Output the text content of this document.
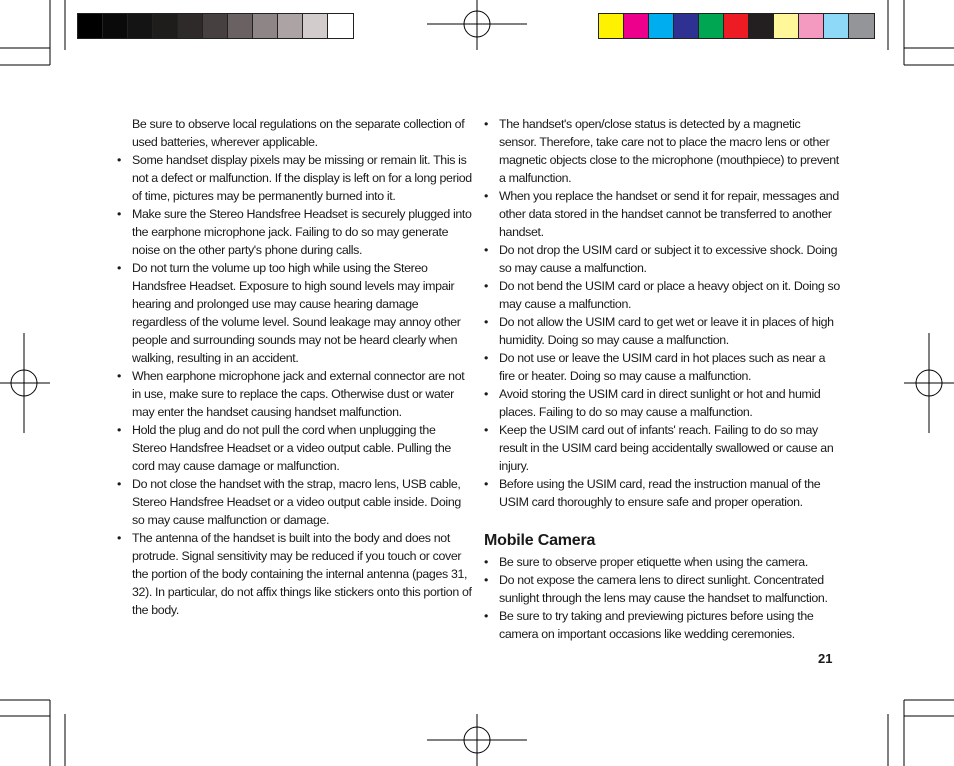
Be sure to observe local regulations on the separate collection of used batteries, wherever applicable.

• Some handset display pixels may be missing or remain lit. This is not a defect or malfunction. If the display is left on for a long period of time, pictures may be permanently burned into it.
• Make sure the Stereo Handsfree Headset is securely plugged into the earphone microphone jack. Failing to do so may generate noise on the other party's phone during calls.
• Do not turn the volume up too high while using the Stereo Handsfree Headset. Exposure to high sound levels may impair hearing and prolonged use may cause hearing damage regardless of the volume level. Sound leakage may annoy other people and surrounding sounds may not be heard clearly when walking, resulting in an accident.
• When earphone microphone jack and external connector are not in use, make sure to replace the caps. Otherwise dust or water may enter the handset causing handset malfunction.
• Hold the plug and do not pull the cord when unplugging the Stereo Handsfree Headset or a video output cable. Pulling the cord may cause damage or malfunction.
• Do not close the handset with the strap, macro lens, USB cable, Stereo Handsfree Headset or a video output cable inside. Doing so may cause malfunction or damage.
• The antenna of the handset is built into the body and does not protrude. Signal sensitivity may be reduced if you touch or cover the portion of the body containing the internal antenna (pages 31, 32). In particular, do not affix things like stickers onto this portion of the body.
• The handset's open/close status is detected by a magnetic sensor. Therefore, take care not to place the macro lens or other magnetic objects close to the microphone (mouthpiece) to prevent a malfunction.
• When you replace the handset or send it for repair, messages and other data stored in the handset cannot be transferred to another handset.
• Do not drop the USIM card or subject it to excessive shock. Doing so may cause a malfunction.
• Do not bend the USIM card or place a heavy object on it. Doing so may cause a malfunction.
• Do not allow the USIM card to get wet or leave it in places of high humidity. Doing so may cause a malfunction.
• Do not use or leave the USIM card in hot places such as near a fire or heater. Doing so may cause a malfunction.
• Avoid storing the USIM card in direct sunlight or hot and humid places. Failing to do so may cause a malfunction.
• Keep the USIM card out of infants' reach. Failing to do so may result in the USIM card being accidentally swallowed or cause an injury.
• Before using the USIM card, read the instruction manual of the USIM card thoroughly to ensure safe and proper operation.
Mobile Camera
• Be sure to observe proper etiquette when using the camera.
• Do not expose the camera lens to direct sunlight. Concentrated sunlight through the lens may cause the handset to malfunction.
• Be sure to try taking and previewing pictures before using the camera on important occasions like wedding ceremonies.
21
